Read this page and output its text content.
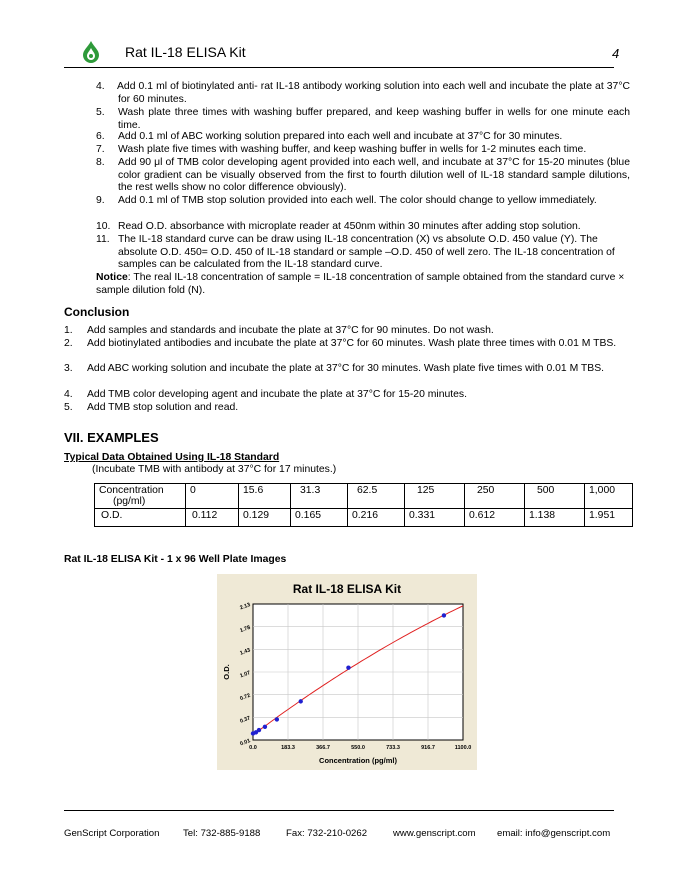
Rat IL-18 ELISA Kit	4
4. Add 0.1 ml of biotinylated anti- rat IL-18 antibody working solution into each well and incubate the plate at 37°C for 60 minutes.
5. Wash plate three times with washing buffer prepared, and keep washing buffer in wells for one minute each time.
6. Add 0.1 ml of ABC working solution prepared into each well and incubate at 37°C for 30 minutes.
7. Wash plate five times with washing buffer, and keep washing buffer in wells for 1-2 minutes each time.
8. Add 90 μl of TMB color developing agent provided into each well, and incubate at 37°C for 15-20 minutes (blue color gradient can be visually observed from the first to fourth dilution well of IL-18 standard sample dilutions, the rest wells show no color difference obviously).
9. Add 0.1 ml of TMB stop solution provided into each well. The color should change to yellow immediately.
10. Read O.D. absorbance with microplate reader at 450nm within 30 minutes after adding stop solution.
11. The IL-18 standard curve can be draw using IL-18 concentration (X) vs absolute O.D. 450 value (Y). The absolute O.D. 450= O.D. 450 of IL-18 standard or sample –O.D. 450 of well zero. The IL-18 concentration of samples can be calculated from the IL-18 standard curve.
Notice: The real IL-18 concentration of sample = IL-18 concentration of sample obtained from the standard curve × sample dilution fold (N).
Conclusion
1. Add samples and standards and incubate the plate at 37°C for 90 minutes. Do not wash.
2. Add biotinylated antibodies and incubate the plate at 37°C for 60 minutes. Wash plate three times with 0.01 M TBS.
3. Add ABC working solution and incubate the plate at 37°C for 30 minutes. Wash plate five times with 0.01 M TBS.
4. Add TMB color developing agent and incubate the plate at 37°C for 15-20 minutes.
5. Add TMB stop solution and read.
VII. EXAMPLES
Typical Data Obtained Using IL-18 Standard
(Incubate TMB with antibody at 37°C for 17 minutes.)
Concentration
(pg/ml)	0	15.6	31.3	62.5	125	250	500	1,000
O.D.	0.112	0.129	0.165	0.216	0.331	0.612	1.138	1.951
Rat IL-18 ELISA Kit - 1 x 96 Well Plate Images
Rat IL-18 ELISA Kit
0.0	183.3	366.7	550.0	733.3	916.7	1100.0
0.01
0.37
0.72
1.07
1.43
1.78
2.13
Concentration (pg/ml)
O.D.
GenScript Corporation Tel: 732-885-9188	Fax: 732-210-0262	www.genscript.com email: info@genscript.com
